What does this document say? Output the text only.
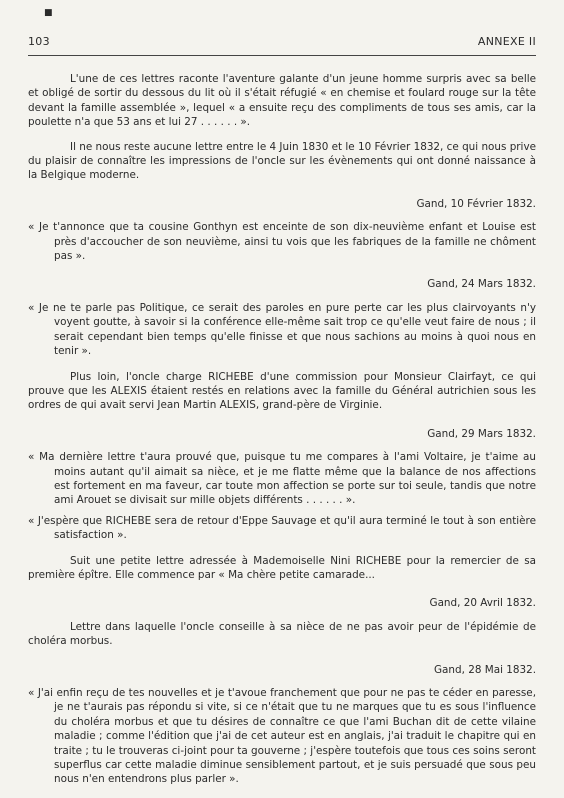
■
103	ANNEXE II

L'une de ces lettres raconte l'aventure galante d'un jeune homme surpris avec sa belle et obligé de sortir du dessous du lit où il s'était réfugié « en chemise et foulard rouge sur la tête devant la famille assemblée », lequel « a ensuite reçu des compliments de tous ses amis, car la poulette n'a que 53 ans et lui 27 . . . . . . ».

Il ne nous reste aucune lettre entre le 4 Juin 1830 et le 10 Février 1832, ce qui nous prive du plaisir de connaître les impressions de l'oncle sur les évènements qui ont donné naissance à la Belgique moderne.

Gand, 10 Février 1832.

« Je t'annonce que ta cousine Gonthyn est enceinte de son dix-neuvième enfant et Louise est près d'accoucher de son neuvième, ainsi tu vois que les fabriques de la famille ne chôment pas ».

Gand, 24 Mars 1832.

« Je ne te parle pas Politique, ce serait des paroles en pure perte car les plus clairvoyants n'y voyent goutte, à savoir si la conférence elle-même sait trop ce qu'elle veut faire de nous ; il serait cependant bien temps qu'elle finisse et que nous sachions au moins à quoi nous en tenir ».

Plus loin, l'oncle charge RICHEBE d'une commission pour Monsieur Clairfayt, ce qui prouve que les ALEXIS étaient restés en relations avec la famille du Général autrichien sous les ordres de qui avait servi Jean Martin ALEXIS, grand-père de Virginie.

Gand, 29 Mars 1832.

« Ma dernière lettre t'aura prouvé que, puisque tu me compares à l'ami Voltaire, je t'aime au moins autant qu'il aimait sa nièce, et je me flatte même que la balance de nos affections est fortement en ma faveur, car toute mon affection se porte sur toi seule, tandis que notre ami Arouet se divisait sur mille objets différents . . . . . . ».

« J'espère que RICHEBE sera de retour d'Eppe Sauvage et qu'il aura terminé le tout à son entière satisfaction ».

Suit une petite lettre adressée à Mademoiselle Nini RICHEBE pour la remercier de sa première épître. Elle commence par « Ma chère petite camarade...

Gand, 20 Avril 1832.

Lettre dans laquelle l'oncle conseille à sa nièce de ne pas avoir peur de l'épidémie de choléra morbus.

Gand, 28 Mai 1832.

« J'ai enfin reçu de tes nouvelles et je t'avoue franchement que pour ne pas te céder en paresse, je ne t'aurais pas répondu si vite, si ce n'était que tu ne marques que tu es sous l'influence du choléra morbus et que tu désires de connaître ce que l'ami Buchan dit de cette vilaine maladie ; comme l'édition que j'ai de cet auteur est en anglais, j'ai traduit le chapitre qui en traite ; tu le trouveras ci-joint pour ta gouverne ; j'espère toutefois que tous ces soins seront superflus car cette maladie diminue sensiblement partout, et je suis persuadé que sous peu nous n'en entendrons plus parler ».
